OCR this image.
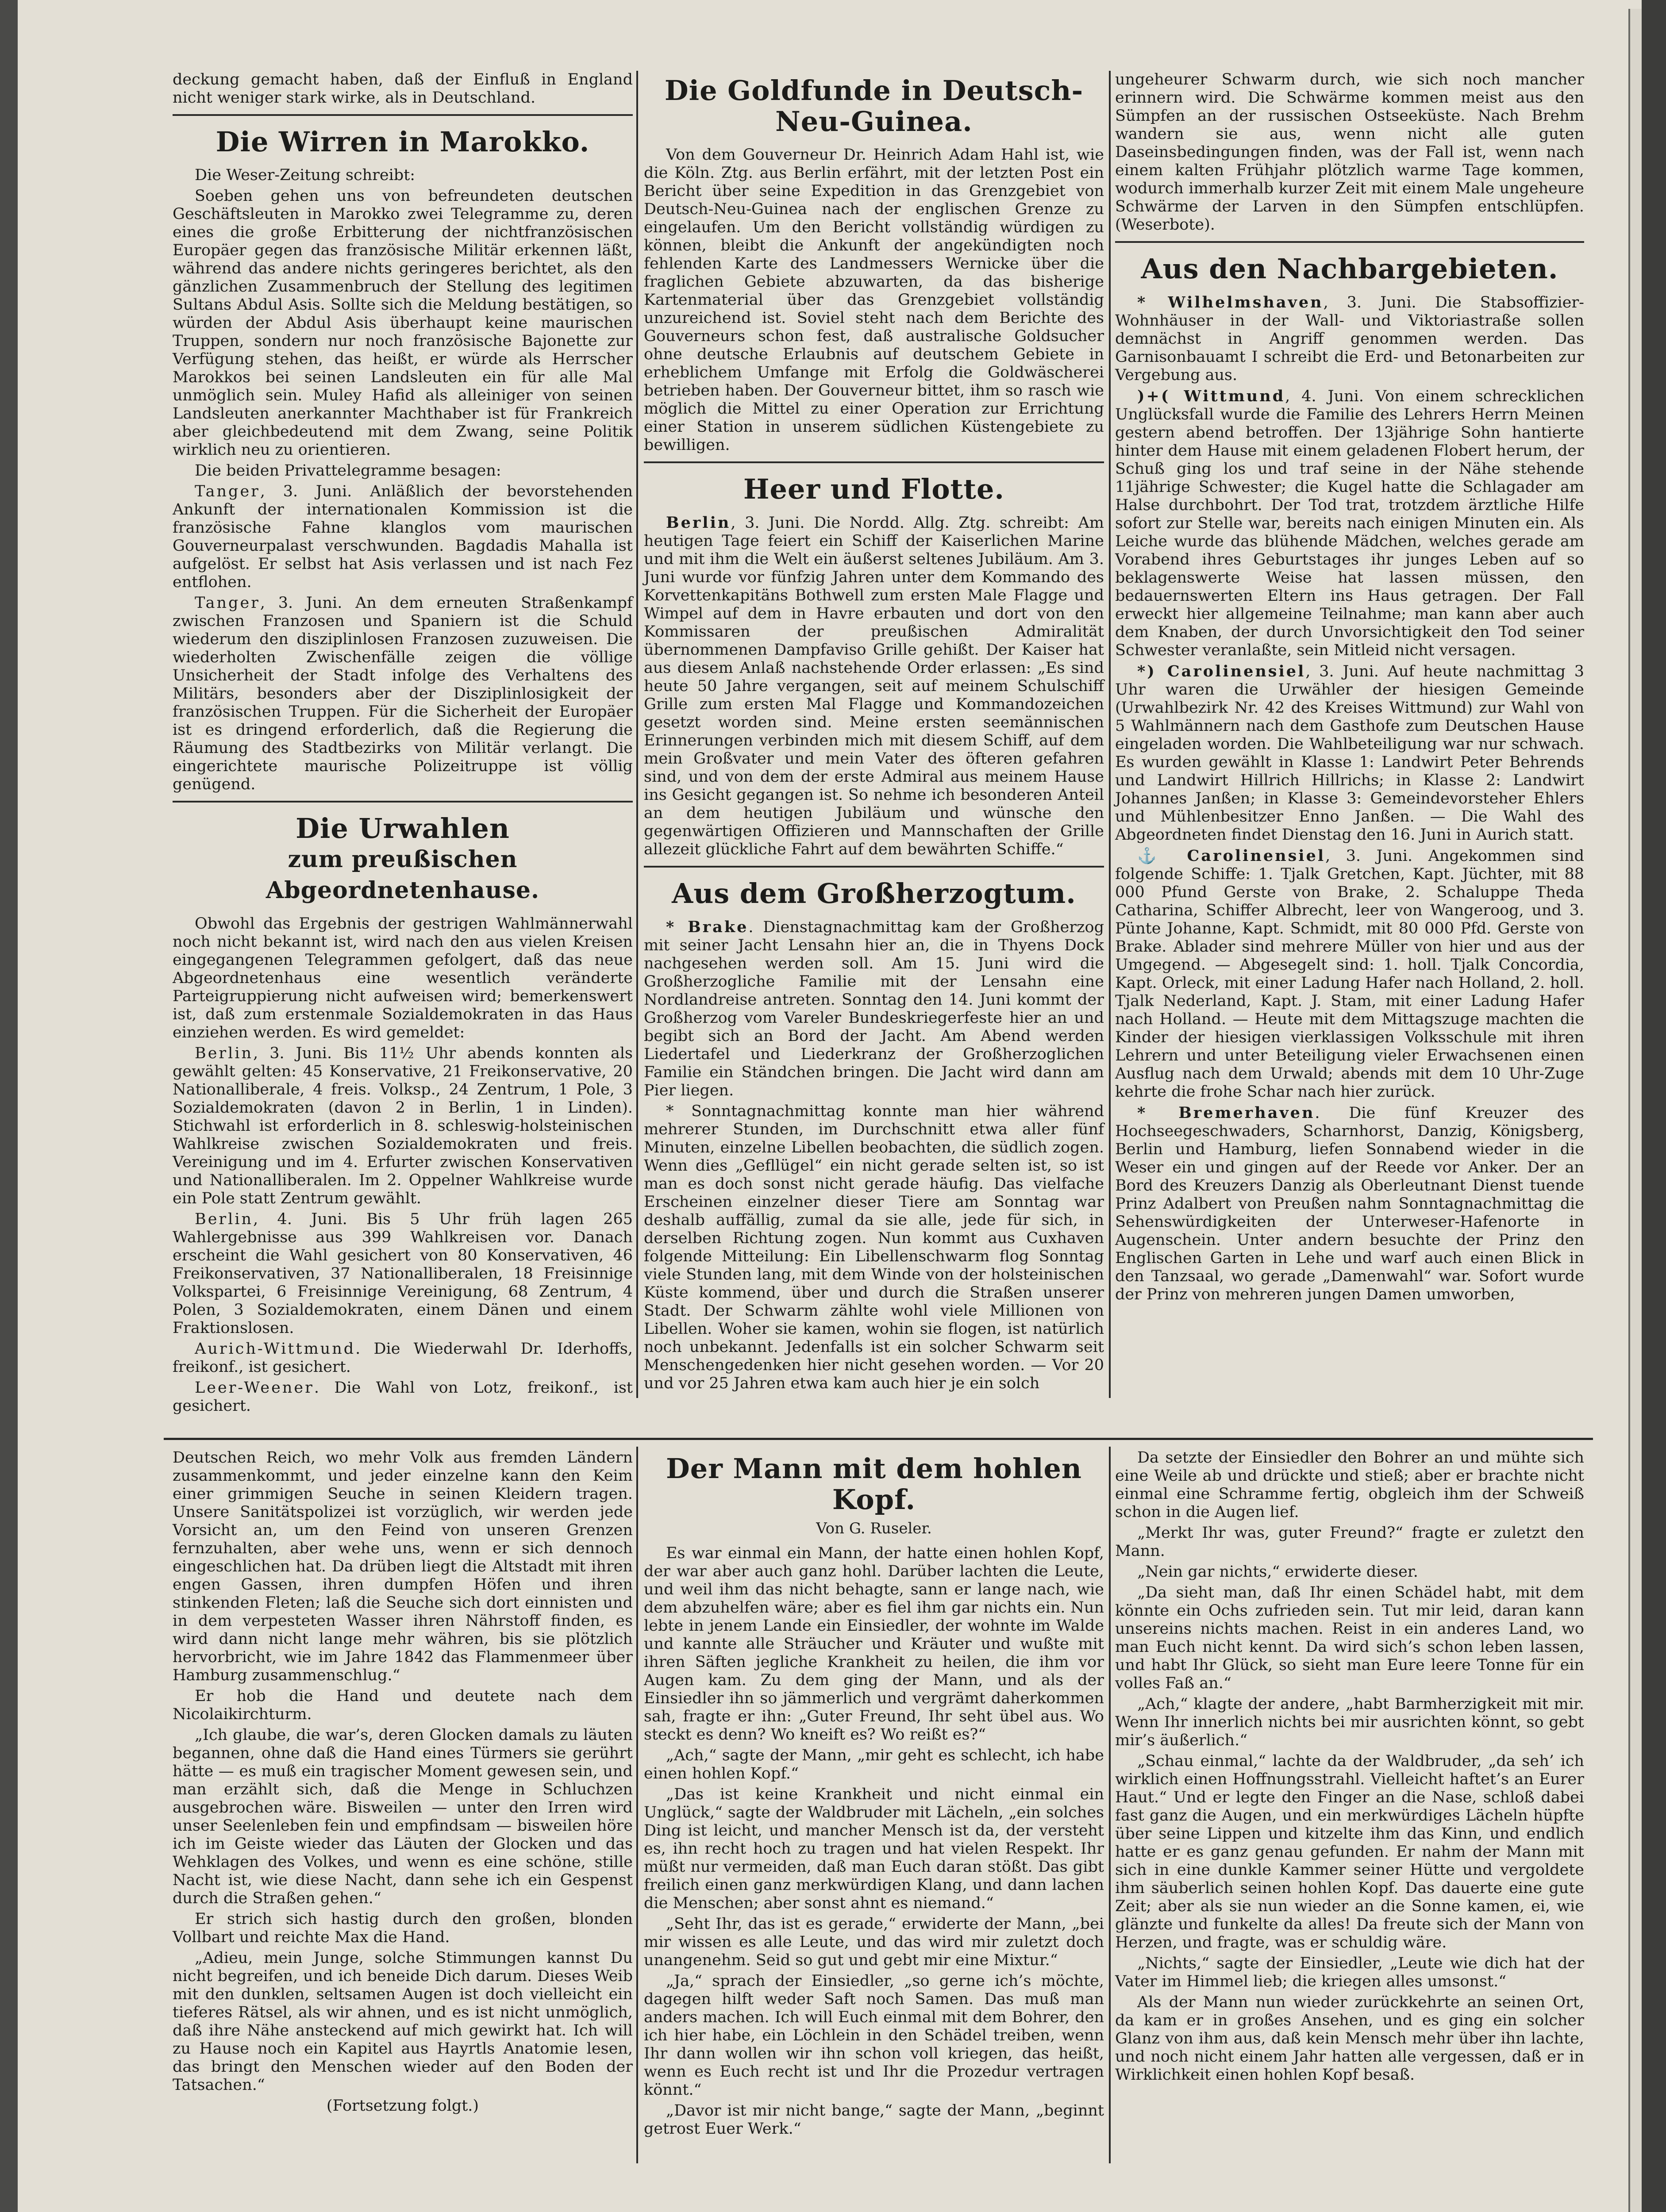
deckung gemacht haben, daß der Einfluß in England nicht weniger stark wirke, als in Deutschland.

Die Wirren in Marokko.

Die Weser-Zeitung schreibt:

Soeben gehen uns von befreundeten deutschen Geschäftsleuten in Marokko zwei Telegramme zu, deren eines die große Erbitterung der nichtfranzösischen Europäer gegen das französische Militär erkennen läßt, während das andere nichts geringeres berichtet, als den gänzlichen Zusammenbruch der Stellung des legitimen Sultans Abdul Asis. Sollte sich die Meldung bestätigen, so würden der Abdul Asis überhaupt keine maurischen Truppen, sondern nur noch französische Bajonette zur Verfügung stehen, das heißt, er würde als Herrscher Marokkos bei seinen Landsleuten ein für alle Mal unmöglich sein. Muley Hafid als alleiniger von seinen Landsleuten anerkannter Machthaber ist für Frankreich aber gleichbedeutend mit dem Zwang, seine Politik wirklich neu zu orientieren.

Die beiden Privattelegramme besagen:

Tanger, 3. Juni. Anläßlich der bevorstehenden Ankunft der internationalen Kommission ist die französische Fahne klanglos vom maurischen Gouverneurpalast verschwunden. Bagdadis Mahalla ist aufgelöst. Er selbst hat Asis verlassen und ist nach Fez entflohen.

Tanger, 3. Juni. An dem erneuten Straßenkampf zwischen Franzosen und Spaniern ist die Schuld wiederum den disziplinlosen Franzosen zuzuweisen. Die wiederholten Zwischenfälle zeigen die völlige Unsicherheit der Stadt infolge des Verhaltens des Militärs, besonders aber der Disziplinlosigkeit der französischen Truppen. Für die Sicherheit der Europäer ist es dringend erforderlich, daß die Regierung die Räumung des Stadtbezirks von Militär verlangt. Die eingerichtete maurische Polizeitruppe ist völlig genügend.

Die Urwahlen
zum preußischen Abgeordnetenhause.

Obwohl das Ergebnis der gestrigen Wahlmännerwahl noch nicht bekannt ist, wird nach den aus vielen Kreisen eingegangenen Telegrammen gefolgert, daß das neue Abgeordnetenhaus eine wesentlich veränderte Parteigruppierung nicht aufweisen wird; bemerkenswert ist, daß zum erstenmale Sozialdemokraten in das Haus einziehen werden. Es wird gemeldet:

Berlin, 3. Juni. Bis 11½ Uhr abends konnten als gewählt gelten: 45 Konservative, 21 Freikonservative, 20 Nationalliberale, 4 freis. Volksp., 24 Zentrum, 1 Pole, 3 Sozialdemokraten (davon 2 in Berlin, 1 in Linden). Stichwahl ist erforderlich in 8. schleswig-holsteinischen Wahlkreise zwischen Sozialdemokraten und freis. Vereinigung und im 4. Erfurter zwischen Konservativen und Nationalliberalen. Im 2. Oppelner Wahlkreise wurde ein Pole statt Zentrum gewählt.

Berlin, 4. Juni. Bis 5 Uhr früh lagen 265 Wahlergebnisse aus 399 Wahlkreisen vor. Danach erscheint die Wahl gesichert von 80 Konservativen, 46 Freikonservativen, 37 Nationalliberalen, 18 Freisinnige Volkspartei, 6 Freisinnige Vereinigung, 68 Zentrum, 4 Polen, 3 Sozialdemokraten, einem Dänen und einem Fraktionslosen.

Aurich-Wittmund. Die Wiederwahl Dr. Iderhoffs, freikonf., ist gesichert.

Leer-Weener. Die Wahl von Lotz, freikonf., ist gesichert.

Die Goldfunde in Deutsch-Neu-Guinea.

Von dem Gouverneur Dr. Heinrich Adam Hahl ist, wie die Köln. Ztg. aus Berlin erfährt, mit der letzten Post ein Bericht über seine Expedition in das Grenzgebiet von Deutsch-Neu-Guinea nach der englischen Grenze zu eingelaufen. Um den Bericht vollständig würdigen zu können, bleibt die Ankunft der angekündigten noch fehlenden Karte des Landmessers Wernicke über die fraglichen Gebiete abzuwarten, da das bisherige Kartenmaterial über das Grenzgebiet vollständig unzureichend ist. Soviel steht nach dem Berichte des Gouverneurs schon fest, daß australische Goldsucher ohne deutsche Erlaubnis auf deutschem Gebiete in erheblichem Umfange mit Erfolg die Goldwäscherei betrieben haben. Der Gouverneur bittet, ihm so rasch wie möglich die Mittel zu einer Operation zur Errichtung einer Station in unserem südlichen Küstengebiete zu bewilligen.

Heer und Flotte.

Berlin, 3. Juni. Die Nordd. Allg. Ztg. schreibt: Am heutigen Tage feiert ein Schiff der Kaiserlichen Marine und mit ihm die Welt ein äußerst seltenes Jubiläum. Am 3. Juni wurde vor fünfzig Jahren unter dem Kommando des Korvettenkapitäns Bothwell zum ersten Male Flagge und Wimpel auf dem in Havre erbauten und dort von den Kommissaren der preußischen Admiralität übernommenen Dampfaviso Grille gehißt. Der Kaiser hat aus diesem Anlaß nachstehende Order erlassen: „Es sind heute 50 Jahre vergangen, seit auf meinem Schulschiff Grille zum ersten Mal Flagge und Kommandozeichen gesetzt worden sind. Meine ersten seemännischen Erinnerungen verbinden mich mit diesem Schiff, auf dem mein Großvater und mein Vater des öfteren gefahren sind, und von dem der erste Admiral aus meinem Hause ins Gesicht gegangen ist. So nehme ich besonderen Anteil an dem heutigen Jubiläum und wünsche den gegenwärtigen Offizieren und Mannschaften der Grille allezeit glückliche Fahrt auf dem bewährten Schiffe.“

Aus dem Großherzogtum.

* Brake. Dienstagnachmittag kam der Großherzog mit seiner Jacht Lensahn hier an, die in Thyens Dock nachgesehen werden soll. Am 15. Juni wird die Großherzogliche Familie mit der Lensahn eine Nordlandreise antreten. Sonntag den 14. Juni kommt der Großherzog vom Vareler Bundeskriegerfeste hier an und begibt sich an Bord der Jacht. Am Abend werden Liedertafel und Liederkranz der Großherzoglichen Familie ein Ständchen bringen. Die Jacht wird dann am Pier liegen.

* Sonntagnachmittag konnte man hier während mehrerer Stunden, im Durchschnitt etwa aller fünf Minuten, einzelne Libellen beobachten, die südlich zogen. Wenn dies „Gefllügel“ ein nicht gerade selten ist, so ist man es doch sonst nicht gerade häufig. Das vielfache Erscheinen einzelner dieser Tiere am Sonntag war deshalb auffällig, zumal da sie alle, jede für sich, in derselben Richtung zogen. Nun kommt aus Cuxhaven folgende Mitteilung: Ein Libellenschwarm flog Sonntag viele Stunden lang, mit dem Winde von der holsteinischen Küste kommend, über und durch die Straßen unserer Stadt. Der Schwarm zählte wohl viele Millionen von Libellen. Woher sie kamen, wohin sie flogen, ist natürlich noch unbekannt. Jedenfalls ist ein solcher Schwarm seit Menschengedenken hier nicht gesehen worden. — Vor 20 und vor 25 Jahren etwa kam auch hier je ein solch

ungeheurer Schwarm durch, wie sich noch mancher erinnern wird. Die Schwärme kommen meist aus den Sümpfen an der russischen Ostseeküste. Nach Brehm wandern sie aus, wenn nicht alle guten Daseinsbedingungen finden, was der Fall ist, wenn nach einem kalten Frühjahr plötzlich warme Tage kommen, wodurch immerhalb kurzer Zeit mit einem Male ungeheure Schwärme der Larven in den Sümpfen entschlüpfen. (Weserbote).

Aus den Nachbargebieten.

* Wilhelmshaven, 3. Juni. Die Stabsoffizier-Wohnhäuser in der Wall- und Viktoriastraße sollen demnächst in Angriff genommen werden. Das Garnisonbauamt I schreibt die Erd- und Betonarbeiten zur Vergebung aus.

)+( Wittmund, 4. Juni. Von einem schrecklichen Unglücksfall wurde die Familie des Lehrers Herrn Meinen gestern abend betroffen. Der 13jährige Sohn hantierte hinter dem Hause mit einem geladenen Flobert herum, der Schuß ging los und traf seine in der Nähe stehende 11jährige Schwester; die Kugel hatte die Schlagader am Halse durchbohrt. Der Tod trat, trotzdem ärztliche Hilfe sofort zur Stelle war, bereits nach einigen Minuten ein. Als Leiche wurde das blühende Mädchen, welches gerade am Vorabend ihres Geburtstages ihr junges Leben auf so beklagenswerte Weise hat lassen müssen, den bedauernswerten Eltern ins Haus getragen. Der Fall erweckt hier allgemeine Teilnahme; man kann aber auch dem Knaben, der durch Unvorsichtigkeit den Tod seiner Schwester veranlaßte, sein Mitleid nicht versagen.

*) Carolinensiel, 3. Juni. Auf heute nachmittag 3 Uhr waren die Urwähler der hiesigen Gemeinde (Urwahlbezirk Nr. 42 des Kreises Wittmund) zur Wahl von 5 Wahlmännern nach dem Gasthofe zum Deutschen Hause eingeladen worden. Die Wahlbeteiligung war nur schwach. Es wurden gewählt in Klasse 1: Landwirt Peter Behrends und Landwirt Hillrich Hillrichs; in Klasse 2: Landwirt Johannes Janßen; in Klasse 3: Gemeindevorsteher Ehlers und Mühlenbesitzer Enno Janßen. — Die Wahl des Abgeordneten findet Dienstag den 16. Juni in Aurich statt.

⚓ Carolinensiel, 3. Juni. Angekommen sind folgende Schiffe: 1. Tjalk Gretchen, Kapt. Jüchter, mit 88 000 Pfund Gerste von Brake, 2. Schaluppe Theda Catharina, Schiffer Albrecht, leer von Wangeroog, und 3. Pünte Johanne, Kapt. Schmidt, mit 80 000 Pfd. Gerste von Brake. Ablader sind mehrere Müller von hier und aus der Umgegend. — Abgesegelt sind: 1. holl. Tjalk Concordia, Kapt. Orleck, mit einer Ladung Hafer nach Holland, 2. holl. Tjalk Nederland, Kapt. J. Stam, mit einer Ladung Hafer nach Holland. — Heute mit dem Mittagszuge machten die Kinder der hiesigen vierklassigen Volksschule mit ihren Lehrern und unter Beteiligung vieler Erwachsenen einen Ausflug nach dem Urwald; abends mit dem 10 Uhr-Zuge kehrte die frohe Schar nach hier zurück.

* Bremerhaven. Die fünf Kreuzer des Hochseegeschwaders, Scharnhorst, Danzig, Königsberg, Berlin und Hamburg, liefen Sonnabend wieder in die Weser ein und gingen auf der Reede vor Anker. Der an Bord des Kreuzers Danzig als Oberleutnant Dienst tuende Prinz Adalbert von Preußen nahm Sonntagnachmittag die Sehenswürdigkeiten der Unterweser-Hafenorte in Augenschein. Unter andern besuchte der Prinz den Englischen Garten in Lehe und warf auch einen Blick in den Tanzsaal, wo gerade „Damenwahl“ war. Sofort wurde der Prinz von mehreren jungen Damen umworben,

Deutschen Reich, wo mehr Volk aus fremden Ländern zusammenkommt, und jeder einzelne kann den Keim einer grimmigen Seuche in seinen Kleidern tragen. Unsere Sanitätspolizei ist vorzüglich, wir werden jede Vorsicht an, um den Feind von unseren Grenzen fernzuhalten, aber wehe uns, wenn er sich dennoch eingeschlichen hat. Da drüben liegt die Altstadt mit ihren engen Gassen, ihren dumpfen Höfen und ihren stinkenden Fleten; laß die Seuche sich dort einnisten und in dem verpesteten Wasser ihren Nährstoff finden, es wird dann nicht lange mehr währen, bis sie plötzlich hervorbricht, wie im Jahre 1842 das Flammenmeer über Hamburg zusammenschlug.“

Er hob die Hand und deutete nach dem Nicolaikirchturm.

„Ich glaube, die war’s, deren Glocken damals zu läuten begannen, ohne daß die Hand eines Türmers sie gerührt hätte — es muß ein tragischer Moment gewesen sein, und man erzählt sich, daß die Menge in Schluchzen ausgebrochen wäre. Bisweilen — unter den Irren wird unser Seelenleben fein und empfindsam — bisweilen höre ich im Geiste wieder das Läuten der Glocken und das Wehklagen des Volkes, und wenn es eine schöne, stille Nacht ist, wie diese Nacht, dann sehe ich ein Gespenst durch die Straßen gehen.“

Er strich sich hastig durch den großen, blonden Vollbart und reichte Max die Hand.

„Adieu, mein Junge, solche Stimmungen kannst Du nicht begreifen, und ich beneide Dich darum. Dieses Weib mit den dunklen, seltsamen Augen ist doch vielleicht ein tieferes Rätsel, als wir ahnen, und es ist nicht unmöglich, daß ihre Nähe ansteckend auf mich gewirkt hat. Ich will zu Hause noch ein Kapitel aus Hayrtls Anatomie lesen, das bringt den Menschen wieder auf den Boden der Tatsachen.“

(Fortsetzung folgt.)

Der Mann mit dem hohlen Kopf.
Von G. Ruseler.

Es war einmal ein Mann, der hatte einen hohlen Kopf, der war aber auch ganz hohl. Darüber lachten die Leute, und weil ihm das nicht behagte, sann er lange nach, wie dem abzuhelfen wäre; aber es fiel ihm gar nichts ein. Nun lebte in jenem Lande ein Einsiedler, der wohnte im Walde und kannte alle Sträucher und Kräuter und wußte mit ihren Säften jegliche Krankheit zu heilen, die ihm vor Augen kam. Zu dem ging der Mann, und als der Einsiedler ihn so jämmerlich und vergrämt daherkommen sah, fragte er ihn: „Guter Freund, Ihr seht übel aus. Wo steckt es denn? Wo kneift es? Wo reißt es?“

„Ach,“ sagte der Mann, „mir geht es schlecht, ich habe einen hohlen Kopf.“

„Das ist keine Krankheit und nicht einmal ein Unglück,“ sagte der Waldbruder mit Lächeln, „ein solches Ding ist leicht, und mancher Mensch ist da, der versteht es, ihn recht hoch zu tragen und hat vielen Respekt. Ihr müßt nur vermeiden, daß man Euch daran stößt. Das gibt freilich einen ganz merkwürdigen Klang, und dann lachen die Menschen; aber sonst ahnt es niemand.“

„Seht Ihr, das ist es gerade,“ erwiderte der Mann, „bei mir wissen es alle Leute, und das wird mir zuletzt doch unangenehm. Seid so gut und gebt mir eine Mixtur.“

„Ja,“ sprach der Einsiedler, „so gerne ich’s möchte, dagegen hilft weder Saft noch Samen. Das muß man anders machen. Ich will Euch einmal mit dem Bohrer, den ich hier habe, ein Löchlein in den Schädel treiben, wenn Ihr dann wollen wir ihn schon voll kriegen, das heißt, wenn es Euch recht ist und Ihr die Prozedur vertragen könnt.“

„Davor ist mir nicht bange,“ sagte der Mann, „beginnt getrost Euer Werk.“

Da setzte der Einsiedler den Bohrer an und mühte sich eine Weile ab und drückte und stieß; aber er brachte nicht einmal eine Schramme fertig, obgleich ihm der Schweiß schon in die Augen lief.

„Merkt Ihr was, guter Freund?“ fragte er zuletzt den Mann.

„Nein gar nichts,“ erwiderte dieser.

„Da sieht man, daß Ihr einen Schädel habt, mit dem könnte ein Ochs zufrieden sein. Tut mir leid, daran kann unsereins nichts machen. Reist in ein anderes Land, wo man Euch nicht kennt. Da wird sich’s schon leben lassen, und habt Ihr Glück, so sieht man Eure leere Tonne für ein volles Faß an.“

„Ach,“ klagte der andere, „habt Barmherzigkeit mit mir. Wenn Ihr innerlich nichts bei mir ausrichten könnt, so gebt mir’s äußerlich.“

„Schau einmal,“ lachte da der Waldbruder, „da seh’ ich wirklich einen Hoffnungsstrahl. Vielleicht haftet’s an Eurer Haut.“ Und er legte den Finger an die Nase, schloß dabei fast ganz die Augen, und ein merkwürdiges Lächeln hüpfte über seine Lippen und kitzelte ihm das Kinn, und endlich hatte er es ganz genau gefunden. Er nahm der Mann mit sich in eine dunkle Kammer seiner Hütte und vergoldete ihm säuberlich seinen hohlen Kopf. Das dauerte eine gute Zeit; aber als sie nun wieder an die Sonne kamen, ei, wie glänzte und funkelte da alles! Da freute sich der Mann von Herzen, und fragte, was er schuldig wäre.

„Nichts,“ sagte der Einsiedler, „Leute wie dich hat der Vater im Himmel lieb; die kriegen alles umsonst.“

Als der Mann nun wieder zurückkehrte an seinen Ort, da kam er in großes Ansehen, und es ging ein solcher Glanz von ihm aus, daß kein Mensch mehr über ihn lachte, und noch nicht einem Jahr hatten alle vergessen, daß er in Wirklichkeit einen hohlen Kopf besaß.
